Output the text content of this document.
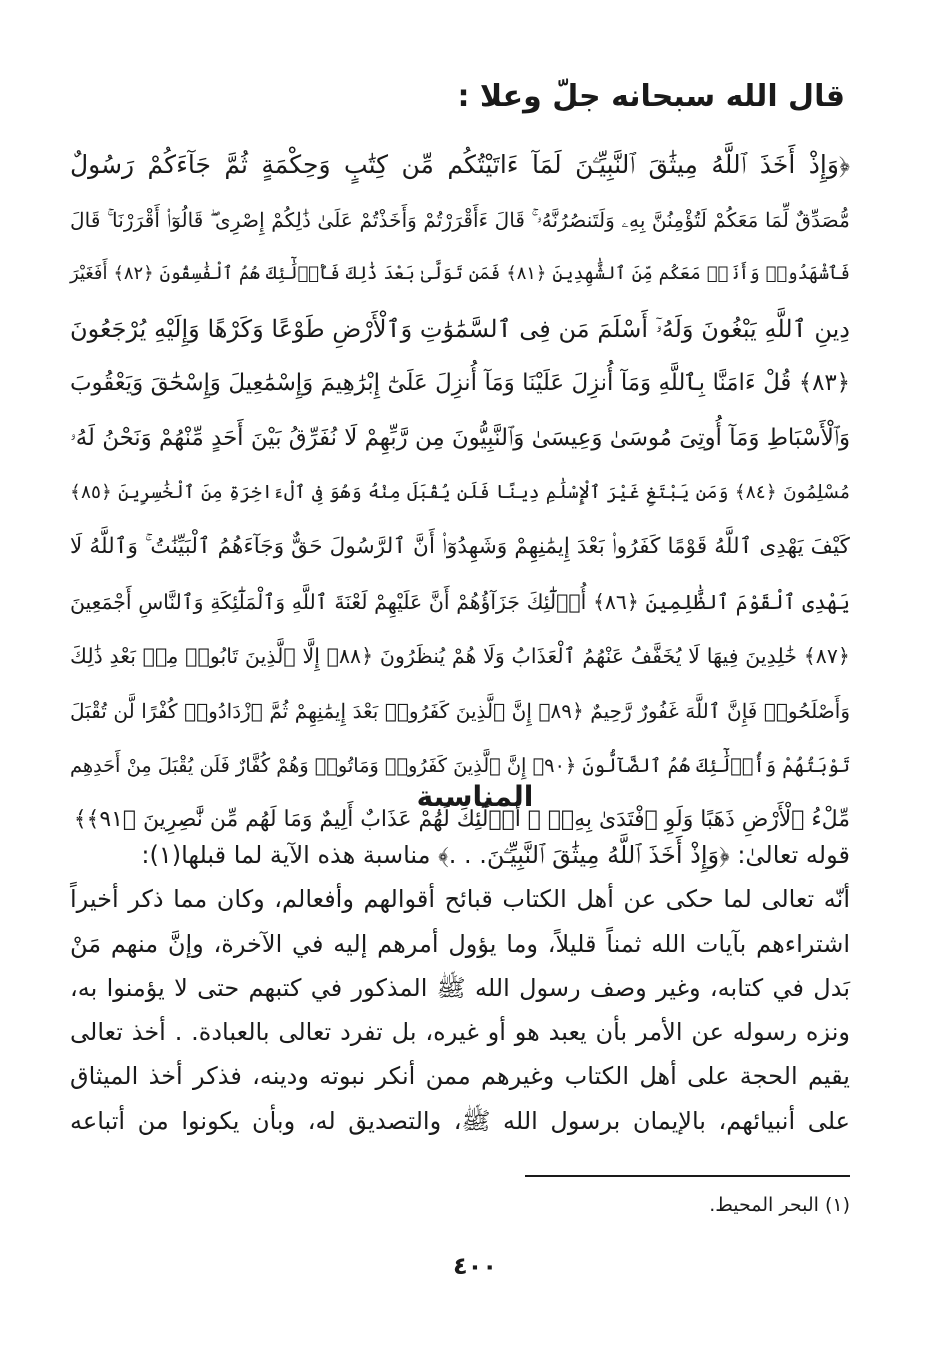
قال الله سبحانه جلّ وعلا :
﴿وَإِذْ أَخَذَ ٱللَّهُ مِيثَٰقَ ٱلنَّبِيِّـۧنَ لَمَآ ءَاتَيْتُكُم مِّن كِتَٰبٍ وَحِكْمَةٍ ثُمَّ جَآءَكُمْ رَسُولٌ
مُّصَدِّقٌ لِّمَا مَعَكُمْ لَتُؤْمِنُنَّ بِهِۦ وَلَتَنصُرُنَّهُۥ ۚ قَالَ ءَأَقْرَرْتُمْ وَأَخَذْتُمْ عَلَىٰ ذَٰلِكُمْ إِصْرِى ۖ قَالُوٓا۟ أَقْرَرْنَا ۚ قَالَ
فَٱشْهَدُوا۟ وَأَنَا۠ مَعَكُم مِّنَ ٱلشَّٰهِدِينَ ﴿٨١﴾ فَمَن تَوَلَّىٰ بَعْدَ ذَٰلِكَ فَأُو۟لَٰٓئِكَ هُمُ ٱلْفَٰسِقُونَ ﴿٨٢﴾ أَفَغَيْرَ
دِينِ ٱللَّهِ يَبْغُونَ وَلَهُۥٓ أَسْلَمَ مَن فِى ٱلسَّمَٰوَٰتِ وَٱلْأَرْضِ طَوْعًا وَكَرْهًا وَإِلَيْهِ يُرْجَعُونَ
﴿٨٣﴾ قُلْ ءَامَنَّا بِٱللَّهِ وَمَآ أُنزِلَ عَلَيْنَا وَمَآ أُنزِلَ عَلَىٰٓ إِبْرَٰهِيمَ وَإِسْمَٰعِيلَ وَإِسْحَٰقَ وَيَعْقُوبَ
وَٱلْأَسْبَاطِ وَمَآ أُوتِىَ مُوسَىٰ وَعِيسَىٰ وَٱلنَّبِيُّونَ مِن رَّبِّهِمْ لَا نُفَرِّقُ بَيْنَ أَحَدٍ مِّنْهُمْ وَنَحْنُ لَهُۥ
مُسْلِمُونَ ﴿٨٤﴾ وَمَن يَبْتَغِ غَيْرَ ٱلْإِسْلَٰمِ دِينًا فَلَن يُقْبَلَ مِنْهُ وَهُوَ فِى ٱلْءَاخِرَةِ مِنَ ٱلْخَٰسِرِينَ ﴿٨٥﴾
كَيْفَ يَهْدِى ٱللَّهُ قَوْمًا كَفَرُوا۟ بَعْدَ إِيمَٰنِهِمْ وَشَهِدُوٓا۟ أَنَّ ٱلرَّسُولَ حَقٌّ وَجَآءَهُمُ ٱلْبَيِّنَٰتُ ۚ وَٱللَّهُ لَا
يَهْدِى ٱلْقَوْمَ ٱلظَّٰلِمِينَ ﴿٨٦﴾ أُو۟لَٰٓئِكَ جَزَآؤُهُمْ أَنَّ عَلَيْهِمْ لَعْنَةَ ٱللَّهِ وَٱلْمَلَٰٓئِكَةِ وَٱلنَّاسِ أَجْمَعِينَ
﴿٨٧﴾ خَٰلِدِينَ فِيهَا لَا يُخَفَّفُ عَنْهُمُ ٱلْعَذَابُ وَلَا هُمْ يُنظَرُونَ ﴿٨٨﴾ إِلَّا ٱلَّذِينَ تَابُوا۟ مِنۢ بَعْدِ ذَٰلِكَ
وَأَصْلَحُوا۟ فَإِنَّ ٱللَّهَ غَفُورٌ رَّحِيمٌ ﴿٨٩﴾ إِنَّ ٱلَّذِينَ كَفَرُوا۟ بَعْدَ إِيمَٰنِهِمْ ثُمَّ ٱزْدَادُوا۟ كُفْرًا لَّن تُقْبَلَ
تَوْبَتُهُمْ وَأُو۟لَٰٓئِكَ هُمُ ٱلضَّآلُّونَ ﴿٩٠﴾ إِنَّ ٱلَّذِينَ كَفَرُوا۟ وَمَاتُوا۟ وَهُمْ كُفَّارٌ فَلَن يُقْبَلَ مِنْ أَحَدِهِم
مِّلْءُ ٱلْأَرْضِ ذَهَبًا وَلَوِ ٱفْتَدَىٰ بِهِۦٓ ۗ أُو۟لَٰٓئِكَ لَهُمْ عَذَابٌ أَلِيمٌ وَمَا لَهُم مِّن نَّٰصِرِينَ ﴿٩١﴾﴾
المناسبة
قوله تعالىٰ: ﴿وَإِذْ أَخَذَ ٱللَّهُ مِيثَٰقَ ٱلنَّبِيِّـۧنَ. . .﴾ مناسبة هذه الآية لما قبلها(١):
أنّه تعالى لما حكى عن أهل الكتاب قبائح أقوالهم وأفعالم، وكان مما ذكر أخيراً
اشتراءهم بآيات الله ثمناً قليلاً، وما يؤول أمرهم إليه في الآخرة، وإنَّ منهم مَنْ
بَدل في كتابه، وغير وصف رسول الله ﷺ المذكور في كتبهم حتى لا يؤمنوا به،
ونزه رسوله عن الأمر بأن يعبد هو أو غيره، بل تفرد تعالى بالعبادة. . أخذ تعالى
يقيم الحجة على أهل الكتاب وغيرهم ممن أنكر نبوته ودينه، فذكر أخذ الميثاق
على أنبيائهم، بالإيمان برسول الله ﷺ، والتصديق له، وبأن يكونوا من أتباعه

(١) البحر المحيط.

٤٠٠
